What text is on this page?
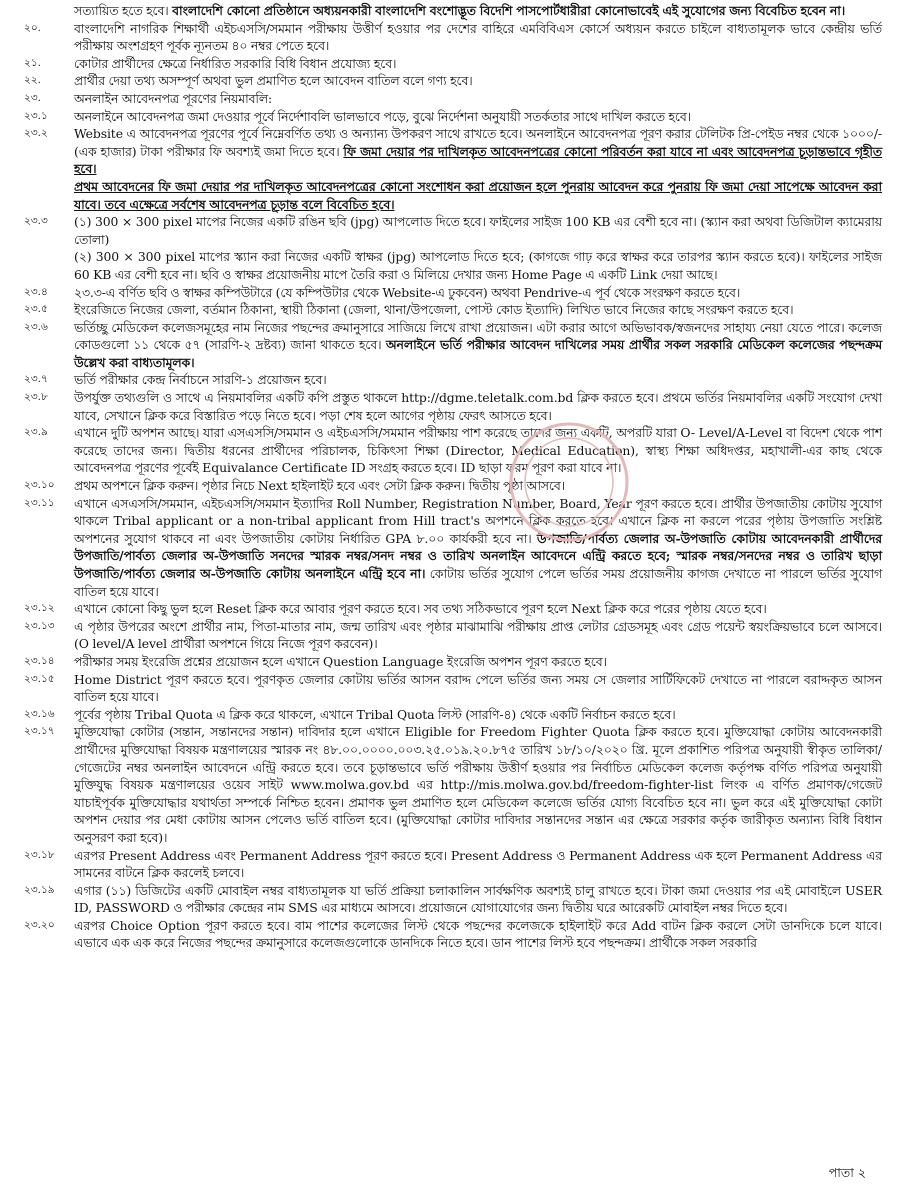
সত্যায়িত হতে হবে। বাংলাদেশি কোনো প্রতিষ্ঠানে অধ্যয়নকারী বাংলাদেশি বংশোদ্ভূত বিদেশি পাসপোর্টধারীরা কোনোভাবেই এই সুযোগের জন্য বিবেচিত হবেন না।

২০.	বাংলাদেশি নাগরিক শিক্ষার্থী এইচএসসি/সমমান পরীক্ষায় উত্তীর্ণ হওয়ার পর দেশের বাহিরে এমবিবিএস কোর্সে অধ্যয়ন করতে চাইলে বাধ্যতামূলক ভাবে কেন্দ্রীয় ভর্তি পরীক্ষায় অংশগ্রহণ পূর্বক ন্যূনতম ৪০ নম্বর পেতে হবে।

২১.	কোটার প্রার্থীদের ক্ষেত্রে নির্ধারিত সরকারি বিধি বিধান প্রযোজ্য হবে।

২২.	প্রার্থীর দেয়া তথ্য অসম্পূর্ণ অথবা ভুল প্রমাণিত হলে আবেদন বাতিল বলে গণ্য হবে।

২৩.	অনলাইন আবেদনপত্র পূরণের নিয়মাবলি:

২৩.১	অনলাইনে আবেদনপত্র জমা দেওয়ার পূর্বে নির্দেশাবলি ভালভাবে পড়ে, বুঝে নির্দেশনা অনুযায়ী সতর্কতার সাথে দাখিল করতে হবে।

২৩.২	Website এ আবেদনপত্র পূরণের পূর্বে নিম্নেবর্ণিত তথ্য ও অন্যান্য উপকরণ সাথে রাখতে হবে। অনলাইনে আবেদনপত্র পূরণ করার টেলিটক প্রি-পেইড নম্বর থেকে ১০০০/- (এক হাজার) টাকা পরীক্ষার ফি অবশ্যই জমা দিতে হবে। ফি জমা দেয়ার পর দাখিলকৃত আবেদনপত্রের কোনো পরিবর্তন করা যাবে না এবং আবেদনপত্র চূড়ান্তভাবে গৃহীত হবে।

প্রথম আবেদনের ফি জমা দেয়ার পর দাখিলকৃত আবেদনপত্রের কোনো সংশোধন করা প্রয়োজন হলে পুনরায় আবেদন করে পুনরায় ফি জমা দেয়া সাপেক্ষে আবেদন করা যাবে। তবে এক্ষেত্রে সর্বশেষ আবেদনপত্র চূড়ান্ত বলে বিবেচিত হবে।

২৩.৩	(১) 300 × 300 pixel মাপের নিজের একটি রঙিন ছবি (jpg) আপলোড দিতে হবে। ফাইলের সাইজ 100 KB এর বেশী হবে না। (স্ক্যান করা অথবা ডিজিটাল ক্যামেরায় তোলা)

(২) 300 × 300 pixel মাপের স্ক্যান করা নিজের একটি স্বাক্ষর (jpg) আপলোড দিতে হবে; (কাগজে গাঢ় করে স্বাক্ষর করে তারপর স্ক্যান করতে হবে)। ফাইলের সাইজ 60 KB এর বেশী হবে না। ছবি ও স্বাক্ষর প্রয়োজনীয় মাপে তৈরি করা ও মিলিয়ে দেখার জন্য Home Page এ একটি Link দেয়া আছে।

২৩.৪	২৩.৩-এ বর্ণিত ছবি ও স্বাক্ষর কম্পিউটারে (যে কম্পিউটার থেকে Website-এ ঢুকবেন) অথবা Pendrive-এ পূর্ব থেকে সংরক্ষণ করতে হবে।

২৩.৫	ইংরেজিতে নিজের জেলা, বর্তমান ঠিকানা, স্থায়ী ঠিকানা (জেলা, থানা/উপজেলা, পোস্ট কোড ইত্যাদি) লিখিত ভাবে নিজের কাছে সংরক্ষণ করতে হবে।

২৩.৬	ভর্তিচ্ছু মেডিকেল কলেজসমূহের নাম নিজের পছন্দের ক্রমানুসারে সাজিয়ে লিখে রাখা প্রয়োজন। এটা করার আগে অভিভাবক/স্বজনদের সাহায্য নেয়া যেতে পারে। কলেজ কোডগুলো ১১ থেকে ৫৭ (সারণি-২ দ্রষ্টব্য) জানা থাকতে হবে। অনলাইনে ভর্তি পরীক্ষার আবেদন দাখিলের সময় প্রার্থীর সকল সরকারি মেডিকেল কলেজের পছন্দক্রম উল্লেখ করা বাধ্যতামূলক।

২৩.৭	ভর্তি পরীক্ষার কেন্দ্র নির্বাচনে সারণি-১ প্রয়োজন হবে।

২৩.৮	উপর্যুক্ত তথ্যগুলি ও সাথে এ নিয়মাবলির একটি কপি প্রস্তুত থাকলে http://dgme.teletalk.com.bd ক্লিক করতে হবে। প্রথমে ভর্তির নিয়মাবলির একটি সংযোগ দেখা যাবে, সেখানে ক্লিক করে বিস্তারিত পড়ে নিতে হবে। পড়া শেষ হলে আগের পৃষ্ঠায় ফেরৎ আসতে হবে।

২৩.৯	এখানে দুটি অপশন আছে। যারা এসএসসি/সমমান ও এইচএসসি/সমমান পরীক্ষায় পাশ করেছে তাদের জন্য একটি, অপরটি যারা O- Level/A-Level বা বিদেশ থেকে পাশ করেছে তাদের জন্য। দ্বিতীয় ধরনের প্রার্থীদের পরিচালক, চিকিৎসা শিক্ষা (Director, Medical Education), স্বাস্থ্য শিক্ষা অধিদপ্তর, মহাখালী-এর কাছ থেকে আবেদনপত্র পূরণের পূর্বেই Equivalance Certificate ID সংগ্রহ করতে হবে। ID ছাড়া ফরম পূরণ করা যাবে না।

২৩.১০	প্রথম অপশনে ক্লিক করুন। পৃষ্ঠার নিচে Next হাইলাইট হবে এবং সেটা ক্লিক করুন। দ্বিতীয় পৃষ্ঠা আসবে।

২৩.১১	এখানে এসএসসি/সমমান, এইচএসসি/সমমান ইত্যাদির Roll Number, Registration Number, Board, Year পূরণ করতে হবে। প্রার্থীর উপজাতীয় কোটায় সুযোগ থাকলে Tribal applicant or a non-tribal applicant from Hill tract's অপশনে ক্লিক করতে হবে। এখানে ক্লিক না করলে পরের পৃষ্ঠায় উপজাতি সংশ্লিষ্ট অপশনের সুযোগ থাকবে না এবং উপজাতীয় কোটায় নির্ধারিত GPA ৮.০০ কার্যকরী হবে না। উপজাতি/পার্বত্য জেলার অ-উপজাতি কোটায় আবেদনকারী প্রার্থীদের উপজাতি/পার্বত্য জেলার অ-উপজাতি সনদের স্মারক নম্বর/সনদ নম্বর ও তারিখ অনলাইন আবেদনে এন্ট্রি করতে হবে; স্মারক নম্বর/সনদের নম্বর ও তারিখ ছাড়া উপজাতি/পার্বত্য জেলার অ-উপজাতি কোটায় অনলাইনে এন্ট্রি হবে না। কোটায় ভর্তির সুযোগ পেলে ভর্তির সময় প্রয়োজনীয় কাগজ দেখাতে না পারলে ভর্তির সুযোগ বাতিল হয়ে যাবে।

২৩.১২	এখানে কোনো কিছু ভুল হলে Reset ক্লিক করে আবার পূরণ করতে হবে। সব তথ্য সঠিকভাবে পূরণ হলে Next ক্লিক করে পরের পৃষ্ঠায় যেতে হবে।

২৩.১৩	এ পৃষ্ঠার উপরের অংশে প্রার্থীর নাম, পিতা-মাতার নাম, জন্ম তারিখ এবং পৃষ্ঠার মাঝামাঝি পরীক্ষায় প্রাপ্ত লেটার গ্রেডসমূহ এবং গ্রেড পয়েন্ট স্বয়ংক্রিয়ভাবে চলে আসবে। (O level/A level প্রার্থীরা অপশনে গিয়ে নিজে পূরণ করবেন)।

২৩.১৪	পরীক্ষার সময় ইংরেজি প্রশ্নের প্রয়োজন হলে এখানে Question Language ইংরেজি অপশন পূরণ করতে হবে।

২৩.১৫	Home District পূরণ করতে হবে। পূরণকৃত জেলার কোটায় ভর্তির আসন বরাদ্দ পেলে ভর্তির জন্য সময় সে জেলার সার্টিফিকেট দেখাতে না পারলে বরাদ্দকৃত আসন বাতিল হয়ে যাবে।

২৩.১৬	পূর্বের পৃষ্ঠায় Tribal Quota এ ক্লিক করে থাকলে, এখানে Tribal Quota লিস্ট (সারণি-৪) থেকে একটি নির্বাচন করতে হবে।

২৩.১৭	মুক্তিযোদ্ধা কোটার (সন্তান, সন্তানদের সন্তান) দাবিদার হলে এখানে Eligible for Freedom Fighter Quota ক্লিক করতে হবে। মুক্তিযোদ্ধা কোটায় আবেদনকারী প্রার্থীদের মুক্তিযোদ্ধা বিষয়ক মন্ত্রণালয়ের স্মারক নং ৪৮.০০.০০০০.০০৩.২৫.০১৯.২০.৮৭৫ তারিখ ১৮/১০/২০২০ খ্রি. মূলে প্রকাশিত পরিপত্র অনুযায়ী স্বীকৃত তালিকা/গেজেটের নম্বর অনলাইন আবেদনে এন্ট্রি করতে হবে। তবে চূড়ান্তভাবে ভর্তি পরীক্ষায় উত্তীর্ণ হওয়ার পর নির্বাচিত মেডিকেল কলেজ কর্তৃপক্ষ বর্ণিত পরিপত্র অনুযায়ী মুক্তিযুদ্ধ বিষয়ক মন্ত্রণালয়ের ওয়েব সাইট www.molwa.gov.bd এর http://mis.molwa.gov.bd/freedom-fighter-list লিংক এ বর্ণিত প্রমাণক/গেজেট যাচাইপূর্বক মুক্তিযোদ্ধার যথার্থতা সম্পর্কে নিশ্চিত হবেন। প্রমাণক ভুল প্রমাণিত হলে মেডিকেল কলেজে ভর্তির যোগ্য বিবেচিত হবে না। ভুল করে এই মুক্তিযোদ্ধা কোটা অপশন দেয়ার পর মেধা কোটায় আসন পেলেও ভর্তি বাতিল হবে। (মুক্তিযোদ্ধা কোটার দাবিদার সন্তানদের সন্তান এর ক্ষেত্রে সরকার কর্তৃক জারীকৃত অন্যান্য বিধি বিধান অনুসরণ করা হবে)।

২৩.১৮	এরপর Present Address এবং Permanent Address পূরণ করতে হবে। Present Address ও Permanent Address এক হলে Permanent Address এর সামনের বাটনে ক্লিক করলেই চলবে।

২৩.১৯	এগার (১১) ডিজিটের একটি মোবাইল নম্বর বাধ্যতামূলক যা ভর্তি প্রক্রিয়া চলাকালিন সার্বক্ষণিক অবশ্যই চালু রাখতে হবে। টাকা জমা দেওয়ার পর এই মোবাইলে USER ID, PASSWORD ও পরীক্ষার কেন্দ্রের নাম SMS এর মাধ্যমে আসবে। প্রয়োজনে যোগাযোগের জন্য দ্বিতীয় ঘরে আরেকটি মোবাইল নম্বর দিতে হবে।

২৩.২০	এরপর Choice Option পূরণ করতে হবে। বাম পাশের কলেজের লিস্ট থেকে পছন্দের কলেজকে হাইলাইট করে Add বাটন ক্লিক করলে সেটা ডানদিকে চলে যাবে। এভাবে এক এক করে নিজের পছন্দের ক্রমানুসারে কলেজগুলোকে ডানদিকে নিতে হবে। ডান পাশের লিস্ট হবে পছন্দক্রম। প্রার্থীকে সকল সরকারি

পাতা ২
